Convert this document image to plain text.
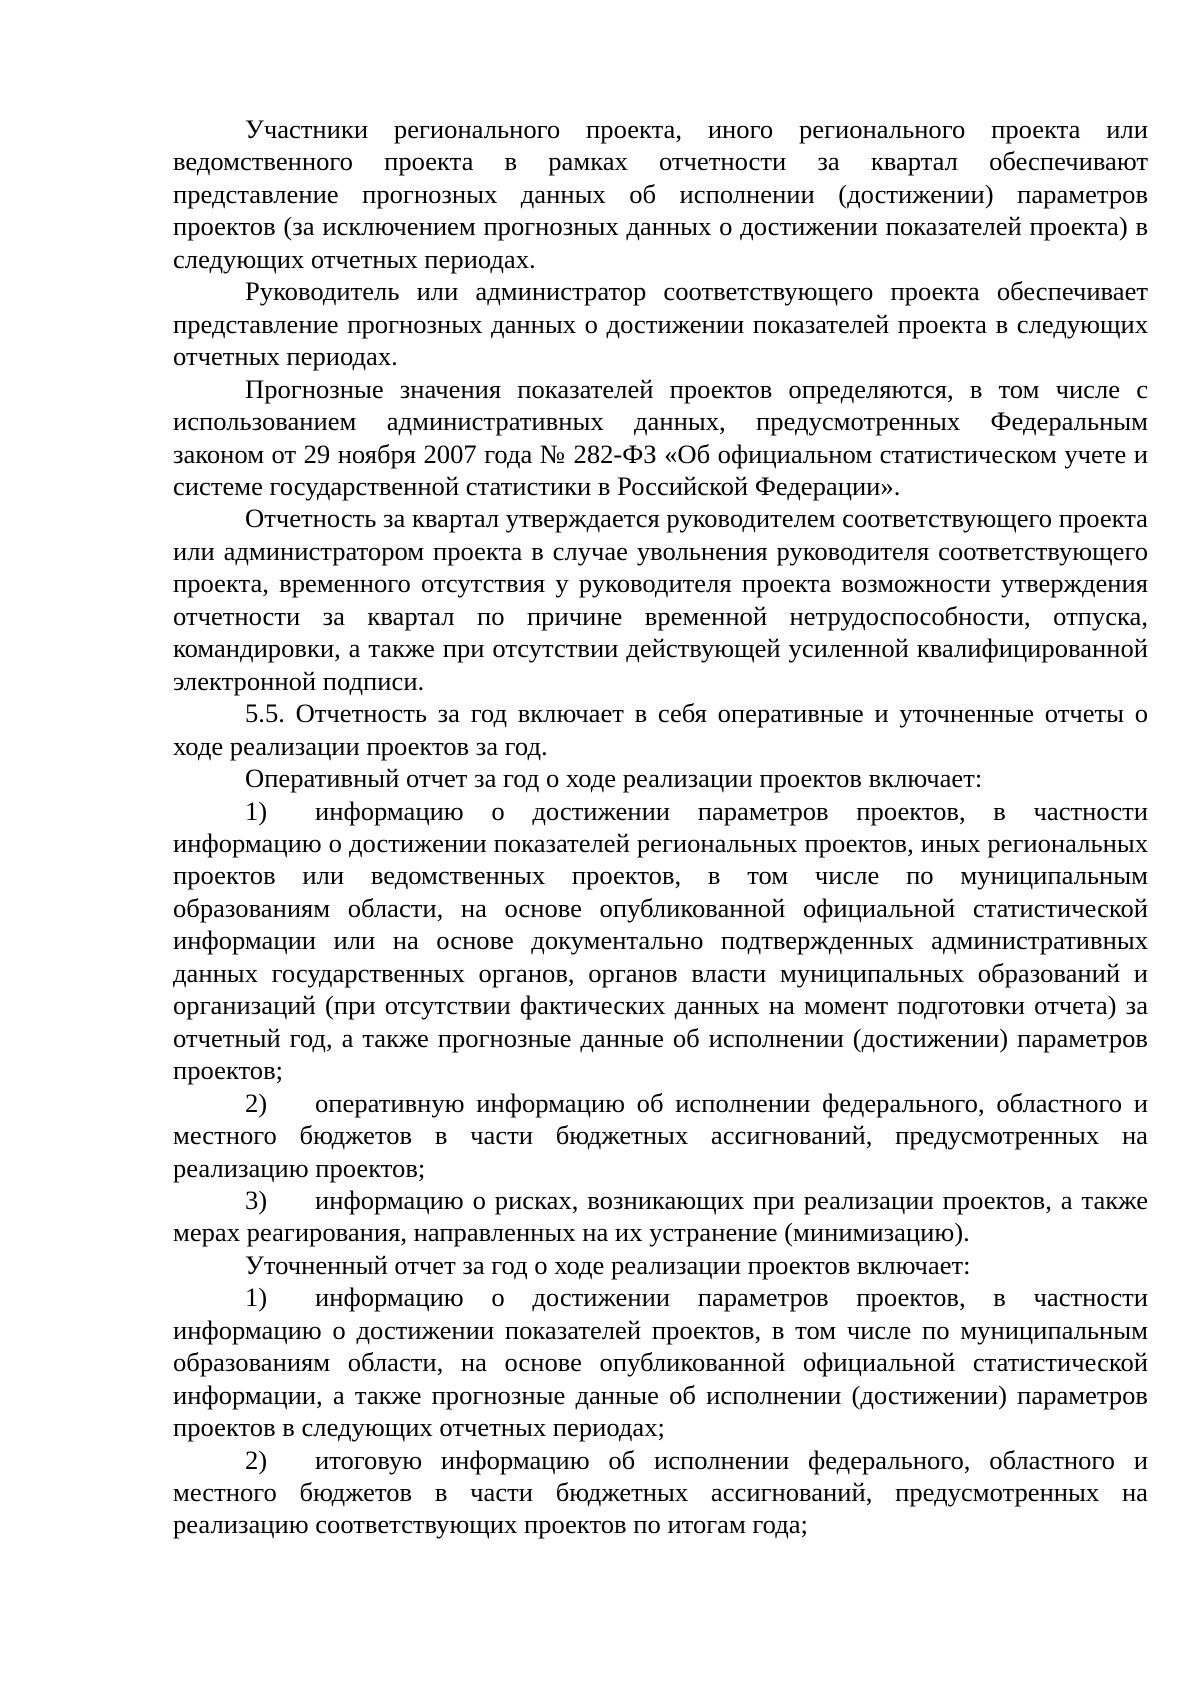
Участники регионального проекта, иного регионального проекта или ведомственного проекта в рамках отчетности за квартал обеспечивают представление прогнозных данных об исполнении (достижении) параметров проектов (за исключением прогнозных данных о достижении показателей проекта) в следующих отчетных периодах.

Руководитель или администратор соответствующего проекта обеспечивает представление прогнозных данных о достижении показателей проекта в следующих отчетных периодах.

Прогнозные значения показателей проектов определяются, в том числе с использованием административных данных, предусмотренных Федеральным законом от 29 ноября 2007 года № 282-ФЗ «Об официальном статистическом учете и системе государственной статистики в Российской Федерации».

Отчетность за квартал утверждается руководителем соответствующего проекта или администратором проекта в случае увольнения руководителя соответствующего проекта, временного отсутствия у руководителя проекта возможности утверждения отчетности за квартал по причине временной нетрудоспособности, отпуска, командировки, а также при отсутствии действующей усиленной квалифицированной электронной подписи.

5.5. Отчетность за год включает в себя оперативные и уточненные отчеты о ходе реализации проектов за год.

Оперативный отчет за год о ходе реализации проектов включает:

1) информацию о достижении параметров проектов, в частности информацию о достижении показателей региональных проектов, иных региональных проектов или ведомственных проектов, в том числе по муниципальным образованиям области, на основе опубликованной официальной статистической информации или на основе документально подтвержденных административных данных государственных органов, органов власти муниципальных образований и организаций (при отсутствии фактических данных на момент подготовки отчета) за отчетный год, а также прогнозные данные об исполнении (достижении) параметров проектов;

2) оперативную информацию об исполнении федерального, областного и местного бюджетов в части бюджетных ассигнований, предусмотренных на реализацию проектов;

3) информацию о рисках, возникающих при реализации проектов, а также мерах реагирования, направленных на их устранение (минимизацию).

Уточненный отчет за год о ходе реализации проектов включает:

1) информацию о достижении параметров проектов, в частности информацию о достижении показателей проектов, в том числе по муниципальным образованиям области, на основе опубликованной официальной статистической информации, а также прогнозные данные об исполнении (достижении) параметров проектов в следующих отчетных периодах;

2) итоговую информацию об исполнении федерального, областного и местного бюджетов в части бюджетных ассигнований, предусмотренных на реализацию соответствующих проектов по итогам года;
